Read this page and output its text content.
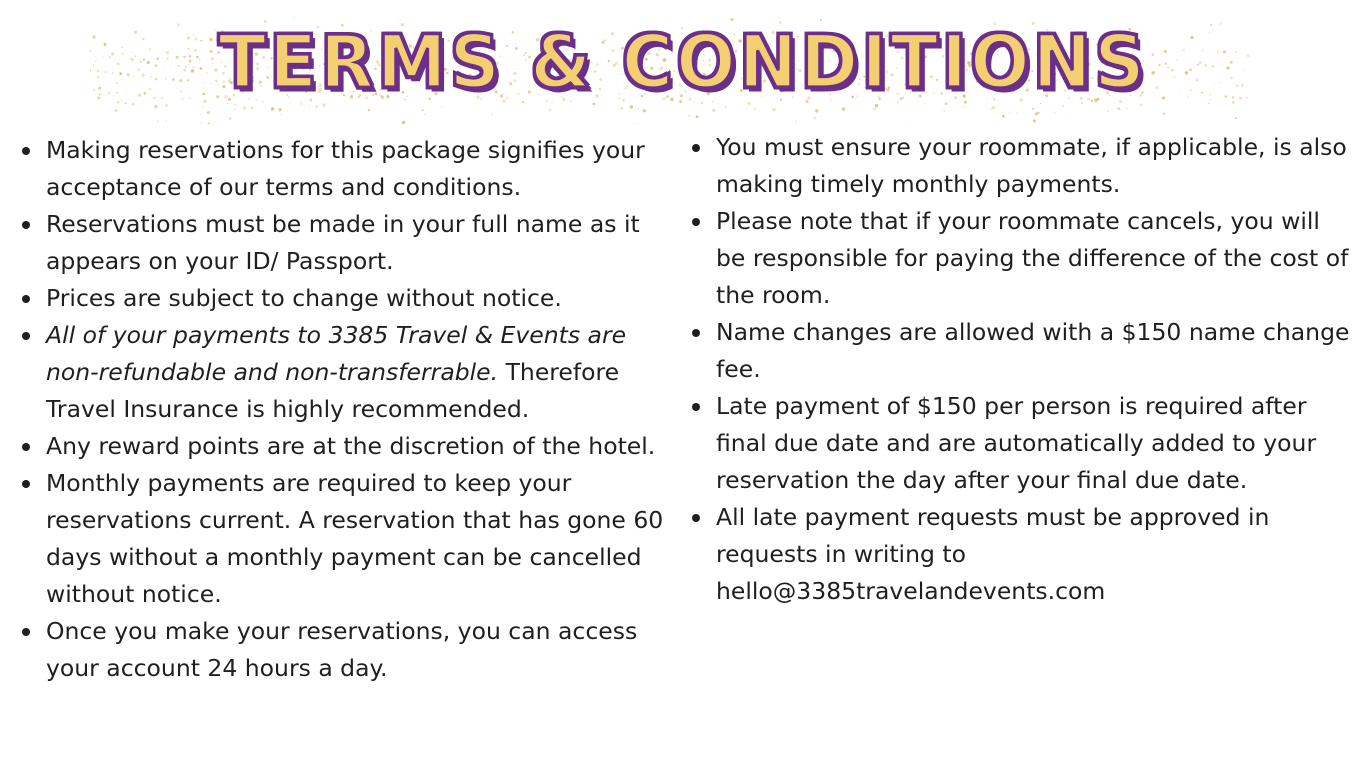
TERMS & CONDITIONS
Making reservations for this package signifies your acceptance of our terms and conditions.
Reservations must be made in your full name as it appears on your ID/ Passport.
Prices are subject to change without notice.
All of your payments to 3385 Travel & Events are non-refundable and non-transferrable. Therefore Travel Insurance is highly recommended.
Any reward points are at the discretion of the hotel.
Monthly payments are required to keep your reservations current. A reservation that has gone 60 days without a monthly payment can be cancelled without notice.
Once you make your reservations, you can access your account 24 hours a day.
You must ensure your roommate, if applicable, is also making timely monthly payments.
Please note that if your roommate cancels, you will be responsible for paying the difference of the cost of the room.
Name changes are allowed with a $150 name change fee.
Late payment of $150 per person is required after final due date and are automatically added to your reservation the day after your final due date.
All late payment requests must be approved in requests in writing to hello@3385travelandevents.com
